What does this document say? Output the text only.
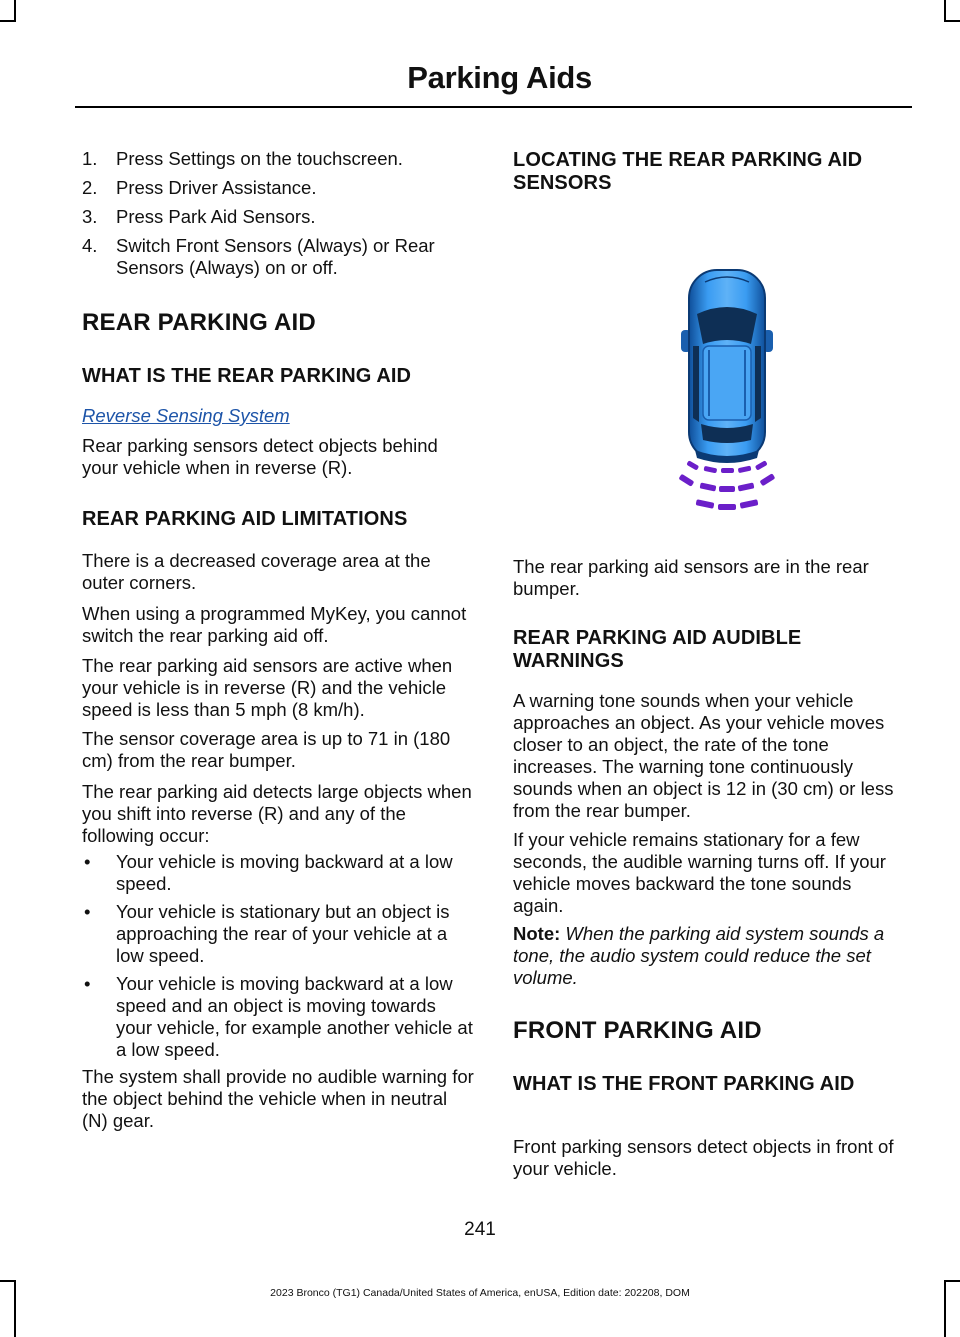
Parking Aids
1.	Press Settings on the touchscreen.
2.	Press Driver Assistance.
3.	Press Park Aid Sensors.
4.	Switch Front Sensors (Always) or Rear Sensors (Always) on or off.
REAR PARKING AID
WHAT IS THE REAR PARKING AID
Reverse Sensing System
Rear parking sensors detect objects behind your vehicle when in reverse (R).
REAR PARKING AID LIMITATIONS
There is a decreased coverage area at the outer corners.
When using a programmed MyKey, you cannot switch the rear parking aid off.
The rear parking aid sensors are active when your vehicle is in reverse (R) and the vehicle speed is less than 5 mph (8 km/h).
The sensor coverage area is up to 71 in (180 cm) from the rear bumper.
The rear parking aid detects large objects when you shift into reverse (R) and any of the following occur:
•	Your vehicle is moving backward at a low speed.
•	Your vehicle is stationary but an object is approaching the rear of your vehicle at a low speed.
•	Your vehicle is moving backward at a low speed and an object is moving towards your vehicle, for example another vehicle at a low speed.
The system shall provide no audible warning for the object behind the vehicle when in neutral (N) gear.
LOCATING THE REAR PARKING AID SENSORS
The rear parking aid sensors are in the rear bumper.
REAR PARKING AID AUDIBLE WARNINGS
A warning tone sounds when your vehicle approaches an object. As your vehicle moves closer to an object, the rate of the tone increases. The warning tone continuously sounds when an object is 12 in (30 cm) or less from the rear bumper.
If your vehicle remains stationary for a few seconds, the audible warning turns off. If your vehicle moves backward the tone sounds again.
Note: When the parking aid system sounds a tone, the audio system could reduce the set volume.
FRONT PARKING AID
WHAT IS THE FRONT PARKING AID
Front parking sensors detect objects in front of your vehicle.
241
2023 Bronco (TG1) Canada/United States of America, enUSA, Edition date: 202208, DOM
